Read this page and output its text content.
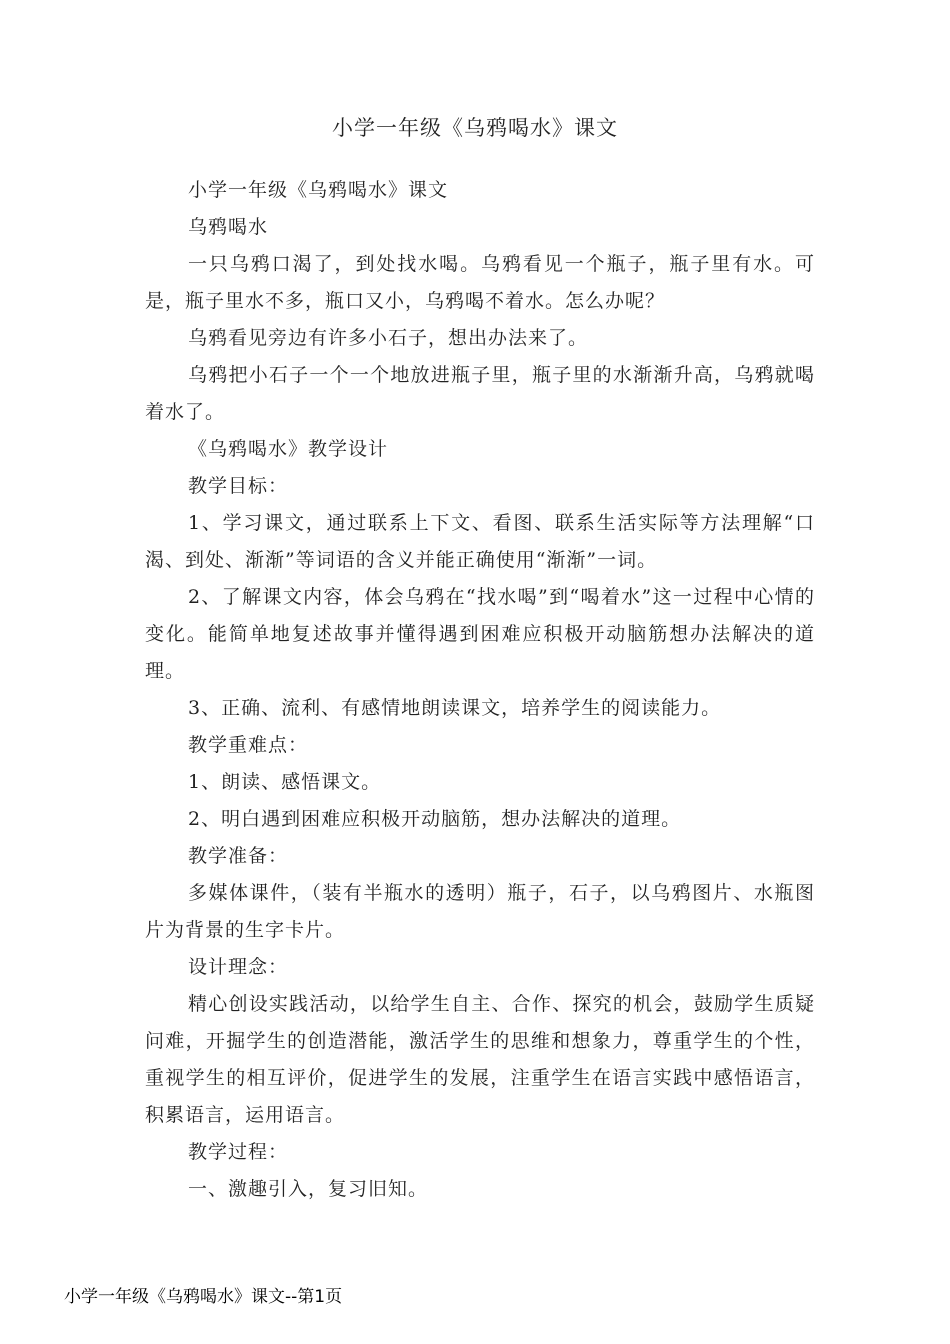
小学一年级《乌鸦喝水》课文

小学一年级《乌鸦喝水》课文

乌鸦喝水

一只乌鸦口渴了，到处找水喝。乌鸦看见一个瓶子，瓶子里有水。可是，瓶子里水不多，瓶口又小，乌鸦喝不着水。怎么办呢？

乌鸦看见旁边有许多小石子，想出办法来了。

乌鸦把小石子一个一个地放进瓶子里，瓶子里的水渐渐升高，乌鸦就喝着水了。

《乌鸦喝水》教学设计

教学目标：

1、学习课文，通过联系上下文、看图、联系生活实际等方法理解“口渴、到处、渐渐”等词语的含义并能正确使用“渐渐”一词。

2、了解课文内容，体会乌鸦在“找水喝”到“喝着水”这一过程中心情的变化。能简单地复述故事并懂得遇到困难应积极开动脑筋想办法解决的道理。

3、正确、流利、有感情地朗读课文，培养学生的阅读能力。

教学重难点：

1、朗读、感悟课文。

2、明白遇到困难应积极开动脑筋，想办法解决的道理。

教学准备：

多媒体课件，（装有半瓶水的透明）瓶子，石子，以乌鸦图片、水瓶图片为背景的生字卡片。

设计理念：

精心创设实践活动，以给学生自主、合作、探究的机会，鼓励学生质疑问难，开掘学生的创造潜能，激活学生的思维和想象力，尊重学生的个性，重视学生的相互评价，促进学生的发展，注重学生在语言实践中感悟语言，积累语言，运用语言。

教学过程：

一、激趣引入，复习旧知。

小学一年级《乌鸦喝水》课文--第1页
